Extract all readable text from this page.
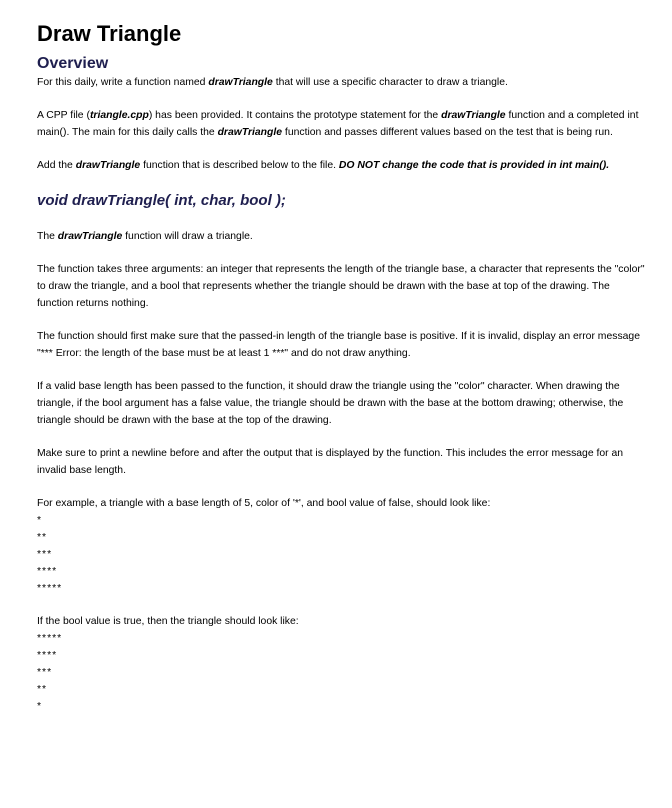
Draw Triangle
Overview

For this daily, write a function named drawTriangle that will use a specific character to draw a triangle.

A CPP file (triangle.cpp) has been provided. It contains the prototype statement for the drawTriangle function and a completed int main(). The main for this daily calls the drawTriangle function and passes different values based on the test that is being run.

Add the drawTriangle function that is described below to the file. DO NOT change the code that is provided in int main().

void drawTriangle( int, char, bool );

The drawTriangle function will draw a triangle.

The function takes three arguments: an integer that represents the length of the triangle base, a character that represents the "color" to draw the triangle, and a bool that represents whether the triangle should be drawn with the base at top of the drawing. The function returns nothing.

The function should first make sure that the passed-in length of the triangle base is positive. If it is invalid, display an error message "*** Error: the length of the base must be at least 1 ***" and do not draw anything.

If a valid base length has been passed to the function, it should draw the triangle using the "color" character. When drawing the triangle, if the bool argument has a false value, the triangle should be drawn with the base at the bottom drawing; otherwise, the triangle should be drawn with the base at the top of the drawing.

Make sure to print a newline before and after the output that is displayed by the function. This includes the error message for an invalid base length.

For example, a triangle with a base length of 5, color of '*', and bool value of false, should look like:

*
**
***
****
*****

If the bool value is true, then the triangle should look like:

*****
****
***
**
*
